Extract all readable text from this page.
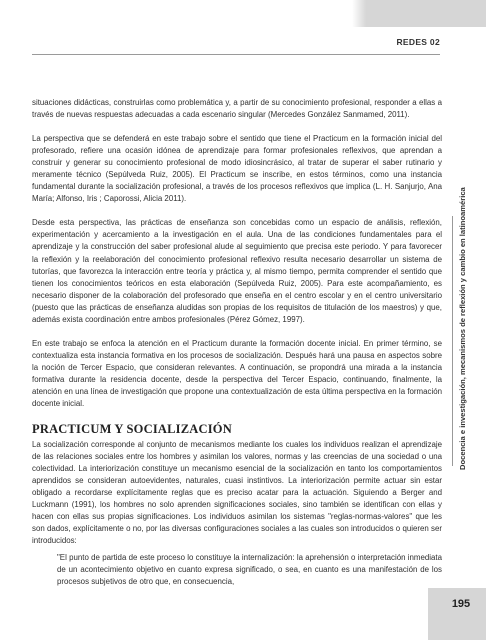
REDES 02

situaciones didácticas, construirlas como problemática y, a partir de su conocimiento profesional, responder a ellas a través de nuevas respuestas adecuadas a cada escenario singular (Mercedes González Sanmamed, 2011).

La perspectiva que se defenderá en este trabajo sobre el sentido que tiene el Practicum en la formación inicial del profesorado, refiere una ocasión idónea de aprendizaje para formar profesionales reflexivos, que aprendan a construir y generar su conocimiento profesional de modo idiosincrásico, al tratar de superar el saber rutinario y meramente técnico (Sepúlveda Ruiz, 2005). El Practicum se inscribe, en estos términos, como una instancia fundamental durante la socialización profesional, a través de los procesos reflexivos que implica (L. H. Sanjurjo, Ana María; Alfonso, Iris ; Caporossi, Alicia 2011).

Desde esta perspectiva, las prácticas de enseñanza son concebidas como un espacio de análisis, reflexión, experimentación y acercamiento a la investigación en el aula. Una de las condiciones fundamentales para el aprendizaje y la construcción del saber profesional alude al seguimiento que precisa este periodo. Y para favorecer la reflexión y la reelaboración del conocimiento profesional reflexivo resulta necesario desarrollar un sistema de tutorías, que favorezca la interacción entre teoría y práctica y, al mismo tiempo, permita comprender el sentido que tienen los conocimientos teóricos en esta elaboración (Sepúlveda Ruiz, 2005). Para este acompañamiento, es necesario disponer de la colaboración del profesorado que enseña en el centro escolar y en el centro universitario (puesto que las prácticas de enseñanza aludidas son propias de los requisitos de titulación de los maestros) y que, además exista coordinación entre ambos profesionales (Pérez Gómez, 1997).

En este trabajo se enfoca la atención en el Practicum durante la formación docente inicial. En primer término, se contextualiza esta instancia formativa en los procesos de socialización. Después hará una pausa en aspectos sobre la noción de Tercer Espacio, que consideran relevantes. A continuación, se propondrá una mirada a la instancia formativa durante la residencia docente, desde la perspectiva del Tercer Espacio, continuando, finalmente, la atención en una línea de investigación que propone una contextualización de esta última perspectiva en la formación docente inicial.

PRACTICUM Y SOCIALIZACIÓN

La socialización corresponde al conjunto de mecanismos mediante los cuales los individuos realizan el aprendizaje de las relaciones sociales entre los hombres y asimilan los valores, normas y las creencias de una sociedad o una colectividad. La interiorización constituye un mecanismo esencial de la socialización en tanto los comportamientos aprendidos se consideran autoevidentes, naturales, cuasi instintivos. La interiorización permite actuar sin estar obligado a recordarse explícitamente reglas que es preciso acatar para la actuación. Siguiendo a Berger and Luckmann (1991), los hombres no solo aprenden significaciones sociales, sino también se identifican con ellas y hacen con ellas sus propias significaciones. Los individuos asimilan los sistemas "reglas-normas-valores" que les son dados, explícitamente o no, por las diversas configuraciones sociales a las cuales son introducidos o quieren ser introducidos:

"El punto de partida de este proceso lo constituye la internalización: la aprehensión o interpretación inmediata de un acontecimiento objetivo en cuanto expresa significado, o sea, en cuanto es una manifestación de los procesos subjetivos de otro que, en consecuencia,

Docencia e investigación, mecanismos de reflexión y cambio en latinoamérica
195
